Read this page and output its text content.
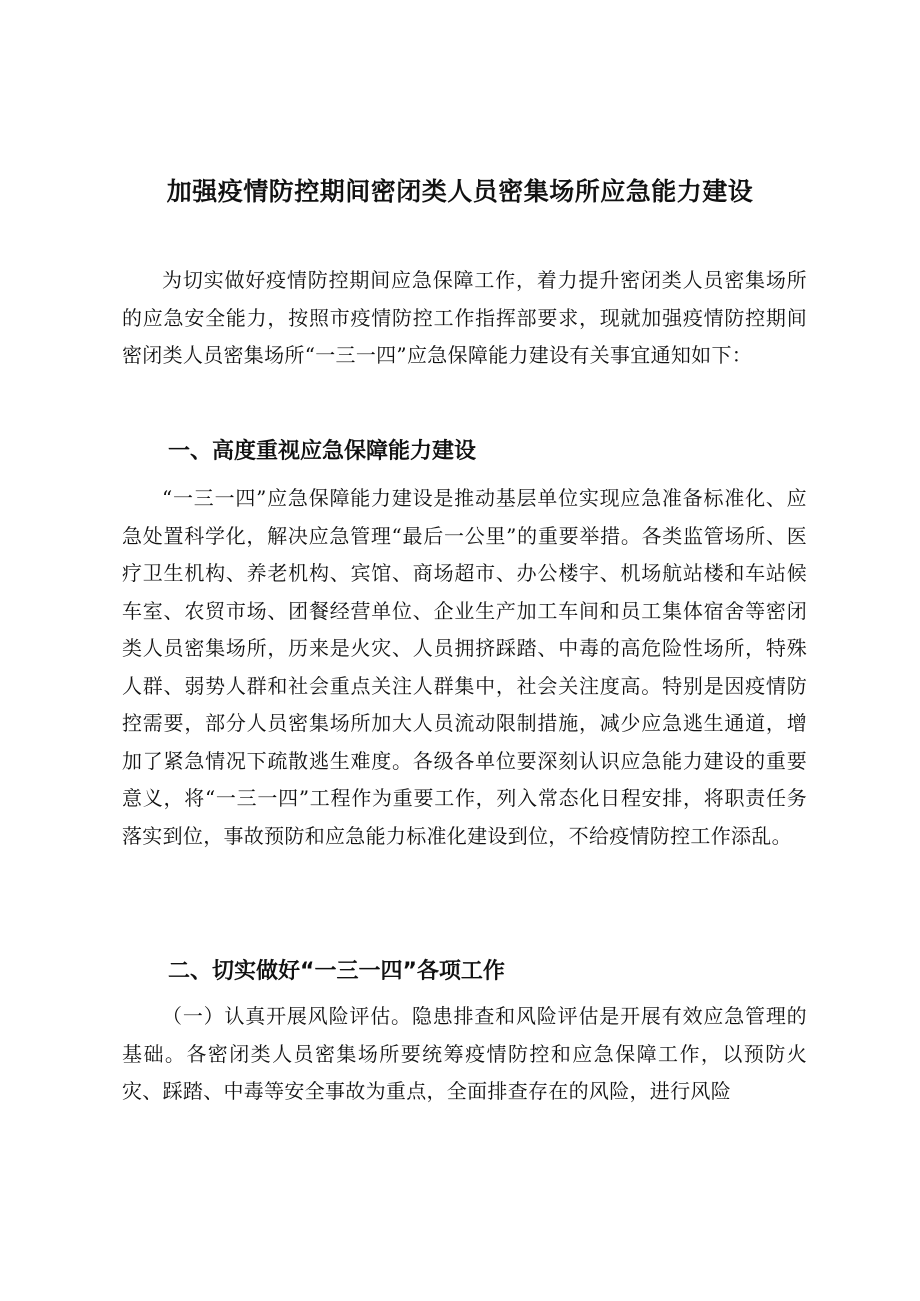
加强疫情防控期间密闭类人员密集场所应急能力建设

为切实做好疫情防控期间应急保障工作，着力提升密闭类人员密集场所的应急安全能力，按照市疫情防控工作指挥部要求，现就加强疫情防控期间密闭类人员密集场所“一三一四”应急保障能力建设有关事宜通知如下：

一、高度重视应急保障能力建设

“一三一四”应急保障能力建设是推动基层单位实现应急准备标准化、应急处置科学化，解决应急管理“最后一公里”的重要举措。各类监管场所、医疗卫生机构、养老机构、宾馆、商场超市、办公楼宇、机场航站楼和车站候车室、农贸市场、团餐经营单位、企业生产加工车间和员工集体宿舍等密闭类人员密集场所，历来是火灾、人员拥挤踩踏、中毒的高危险性场所，特殊人群、弱势人群和社会重点关注人群集中，社会关注度高。特别是因疫情防控需要，部分人员密集场所加大人员流动限制措施，减少应急逃生通道，增加了紧急情况下疏散逃生难度。各级各单位要深刻认识应急能力建设的重要意义，将“一三一四”工程作为重要工作，列入常态化日程安排，将职责任务落实到位，事故预防和应急能力标准化建设到位，不给疫情防控工作添乱。

二、切实做好“一三一四”各项工作

（一）认真开展风险评估。隐患排查和风险评估是开展有效应急管理的基础。各密闭类人员密集场所要统筹疫情防控和应急保障工作，以预防火灾、踩踏、中毒等安全事故为重点，全面排查存在的风险，进行风险
